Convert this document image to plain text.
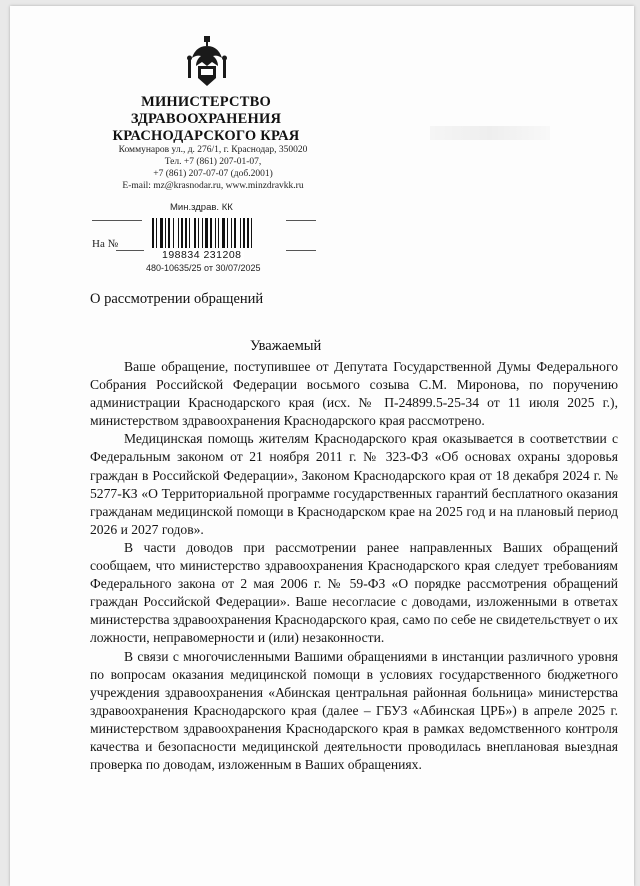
МИНИСТЕРСТВО
ЗДРАВООХРАНЕНИЯ
КРАСНОДАРСКОГО КРАЯ
Коммунаров ул., д. 276/1, г. Краснодар, 350020
Тел. +7 (861) 207-01-07,
+7 (861) 207-07-07 (доб.2001)
E-mail: mz@krasnodar.ru, www.minzdravkk.ru
Мин.здрав. КК
На №
198834 231208
480-10635/25 от 30/07/2025
О рассмотрении обращений
Уважаемый

Ваше обращение, поступившее от Депутата Государственной Думы Федерального Собрания Российской Федерации восьмого созыва С.М. Миронова, по поручению администрации Краснодарского края (исх. № П-24899.5-25-34 от 11 июля 2025 г.), министерством здравоохранения Краснодарского края рассмотрено.

Медицинская помощь жителям Краснодарского края оказывается в соответствии с Федеральным законом от 21 ноября 2011 г. № 323-ФЗ «Об основах охраны здоровья граждан в Российской Федерации», Законом Краснодарского края от 18 декабря 2024 г. № 5277-КЗ «О Территориальной программе государственных гарантий бесплатного оказания гражданам медицинской помощи в Краснодарском крае на 2025 год и на плановый период 2026 и 2027 годов».

В части доводов при рассмотрении ранее направленных Ваших обращений сообщаем, что министерство здравоохранения Краснодарского края следует требованиям Федерального закона от 2 мая 2006 г. № 59-ФЗ «О порядке рассмотрения обращений граждан Российской Федерации». Ваше несогласие с доводами, изложенными в ответах министерства здравоохранения Краснодарского края, само по себе не свидетельствует о их ложности, неправомерности и (или) незаконности.

В связи с многочисленными Вашими обращениями в инстанции различного уровня по вопросам оказания медицинской помощи в условиях государственного бюджетного учреждения здравоохранения «Абинская центральная районная больница» министерства здравоохранения Краснодарского края (далее – ГБУЗ «Абинская ЦРБ») в апреле 2025 г. министерством здравоохранения Краснодарского края в рамках ведомственного контроля качества и безопасности медицинской деятельности проводилась внеплановая выездная проверка по доводам, изложенным в Ваших обращениях.
